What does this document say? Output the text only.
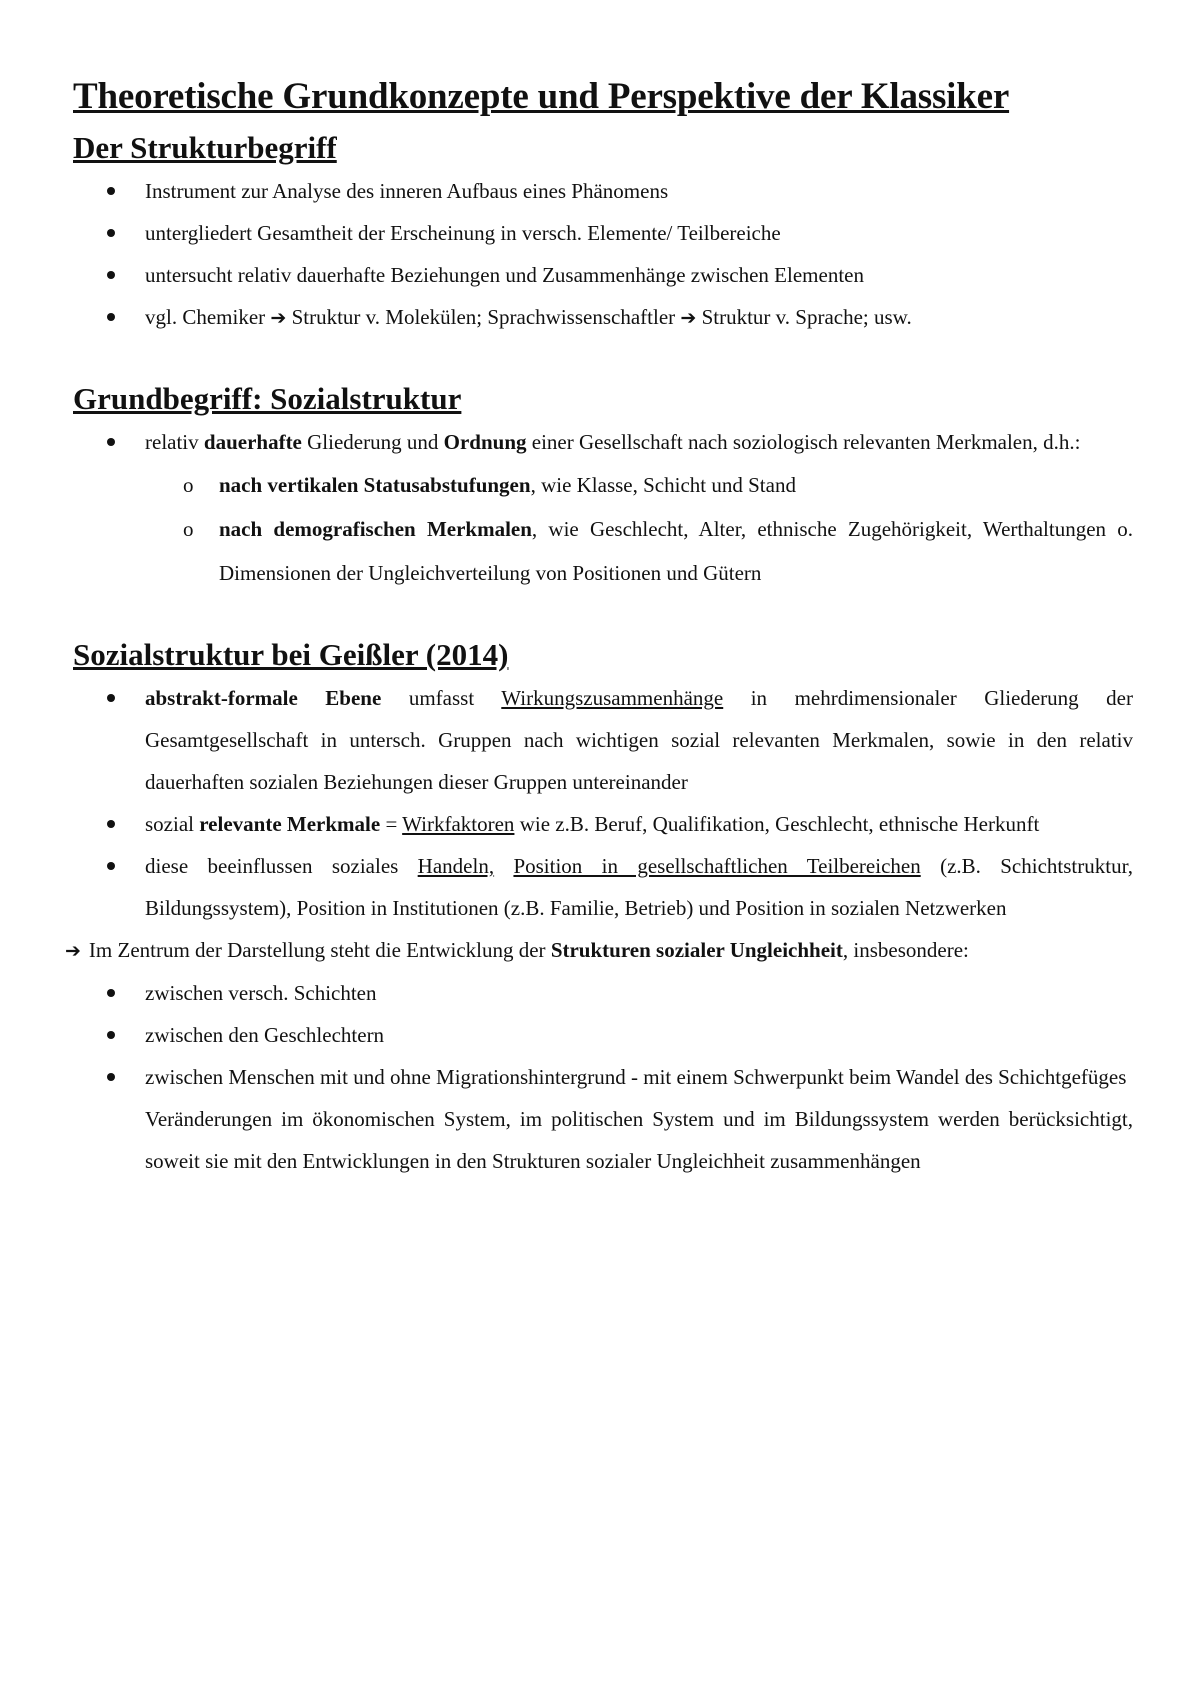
Theoretische Grundkonzepte und Perspektive der Klassiker
Der Strukturbegriff
Instrument zur Analyse des inneren Aufbaus eines Phänomens
untergliedert Gesamtheit der Erscheinung in versch. Elemente/ Teilbereiche
untersucht relativ dauerhafte Beziehungen und Zusammenhänge zwischen Elementen
vgl. Chemiker ➔ Struktur v. Molekülen; Sprachwissenschaftler ➔ Struktur v. Sprache; usw.
Grundbegriff: Sozialstruktur
relativ dauerhafte Gliederung und Ordnung einer Gesellschaft nach soziologisch relevanten Merkmalen, d.h.:
o nach vertikalen Statusabstufungen, wie Klasse, Schicht und Stand
o nach demografischen Merkmalen, wie Geschlecht, Alter, ethnische Zugehörigkeit, Werthaltungen o. Dimensionen der Ungleichverteilung von Positionen und Gütern
Sozialstruktur bei Geißler (2014)
abstrakt-formale Ebene umfasst Wirkungszusammenhänge in mehrdimensionaler Gliederung der Gesamtgesellschaft in untersch. Gruppen nach wichtigen sozial relevanten Merkmalen, sowie in den relativ dauerhaften sozialen Beziehungen dieser Gruppen untereinander
sozial relevante Merkmale = Wirkfaktoren wie z.B. Beruf, Qualifikation, Geschlecht, ethnische Herkunft
diese beeinflussen soziales Handeln, Position in gesellschaftlichen Teilbereichen (z.B. Schichtstruktur, Bildungssystem), Position in Institutionen (z.B. Familie, Betrieb) und Position in sozialen Netzwerken
➔ Im Zentrum der Darstellung steht die Entwicklung der Strukturen sozialer Ungleichheit, insbesondere:
zwischen versch. Schichten
zwischen den Geschlechtern
zwischen Menschen mit und ohne Migrationshintergrund - mit einem Schwerpunkt beim Wandel des Schichtgefüges
Veränderungen im ökonomischen System, im politischen System und im Bildungssystem werden berücksichtigt, soweit sie mit den Entwicklungen in den Strukturen sozialer Ungleichheit zusammenhängen
